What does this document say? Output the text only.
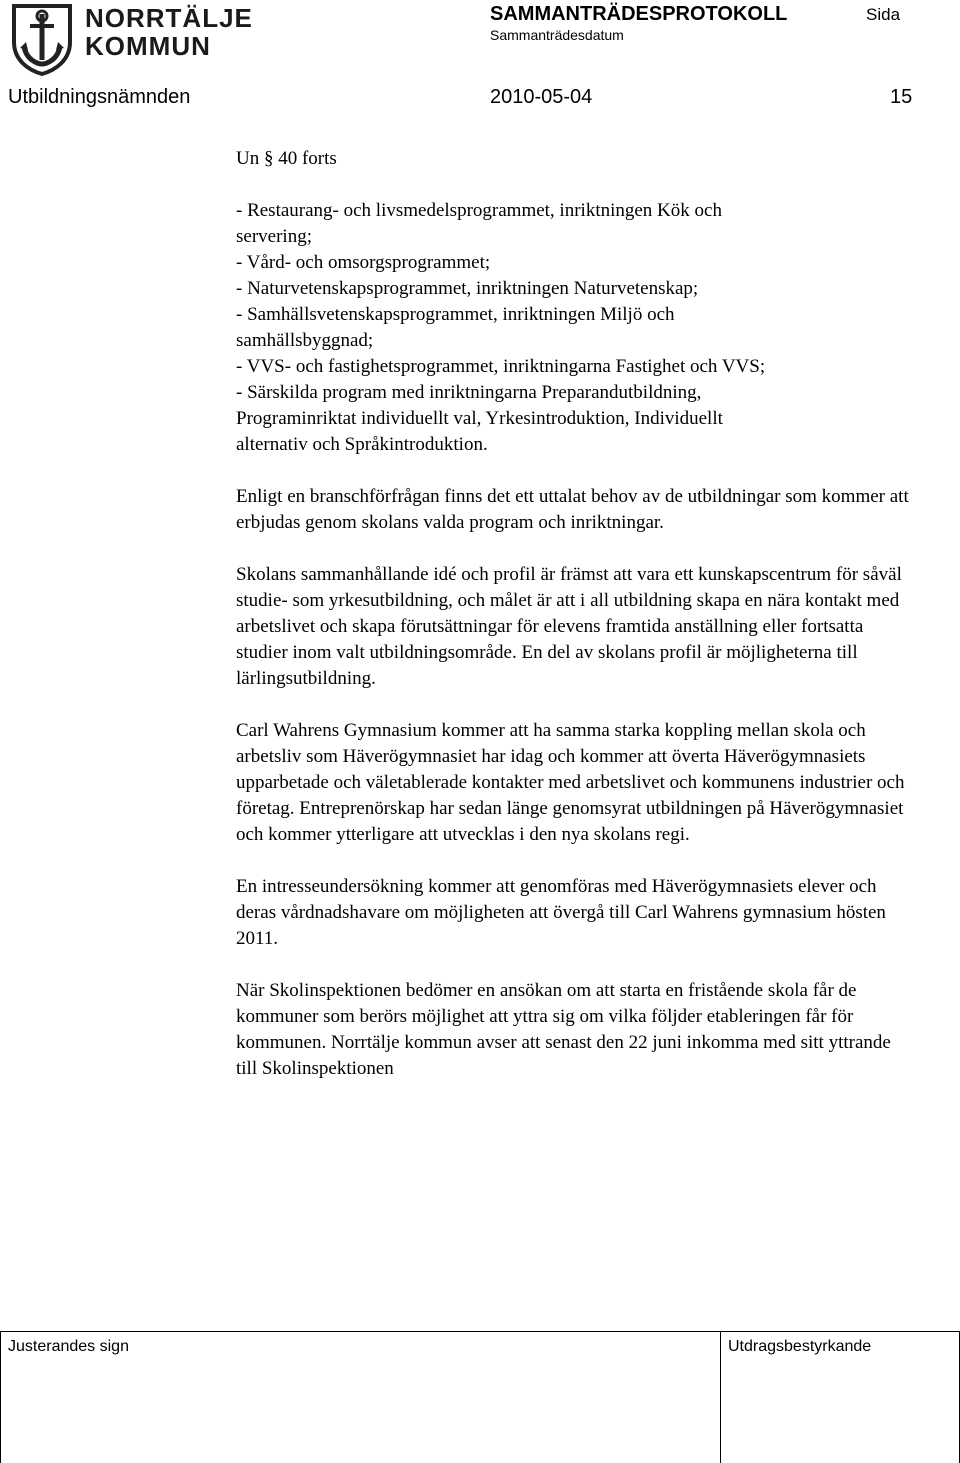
NORRTÄLJE
KOMMUN
SAMMANTRÄDESPROTOKOLL
Sammanträdesdatum
Sida
Utbildningsnämnden	2010-05-04	15

Un § 40 forts

- Restaurang- och livsmedelsprogrammet, inriktningen Kök och
servering;
- Vård- och omsorgsprogrammet;
- Naturvetenskapsprogrammet, inriktningen Naturvetenskap;
- Samhällsvetenskapsprogrammet, inriktningen Miljö och
samhällsbyggnad;
- VVS- och fastighetsprogrammet, inriktningarna Fastighet och VVS;
- Särskilda program med inriktningarna Preparandutbildning,
Programinriktat individuellt val, Yrkesintroduktion, Individuellt
alternativ och Språkintroduktion.

Enligt en branschförfrågan finns det ett uttalat behov av de utbildningar som kommer att erbjudas genom skolans valda program och inriktningar.

Skolans sammanhållande idé och profil är främst att vara ett kunskapscentrum för såväl studie- som yrkesutbildning, och målet är att i all utbildning skapa en nära kontakt med arbetslivet och skapa förutsättningar för elevens framtida anställning eller fortsatta studier inom valt utbildningsområde. En del av skolans profil är möjligheterna till lärlingsutbildning.

Carl Wahrens Gymnasium kommer att ha samma starka koppling mellan skola och arbetsliv som Häverögymnasiet har idag och kommer att överta Häverögymnasiets upparbetade och väletablerade kontakter med arbetslivet och kommunens industrier och företag. Entreprenörskap har sedan länge genomsyrat utbildningen på Häverögymnasiet och kommer ytterligare att utvecklas i den nya skolans regi.

En intresseundersökning kommer att genomföras med Häverögymnasiets elever och deras vårdnadshavare om möjligheten att övergå till Carl Wahrens gymnasium hösten 2011.

När Skolinspektionen bedömer en ansökan om att starta en fristående skola får de kommuner som berörs möjlighet att yttra sig om vilka följder etableringen får för kommunen. Norrtälje kommun avser att senast den 22 juni inkomma med sitt yttrande till Skolinspektionen

Justerandes sign	Utdragsbestyrkande
